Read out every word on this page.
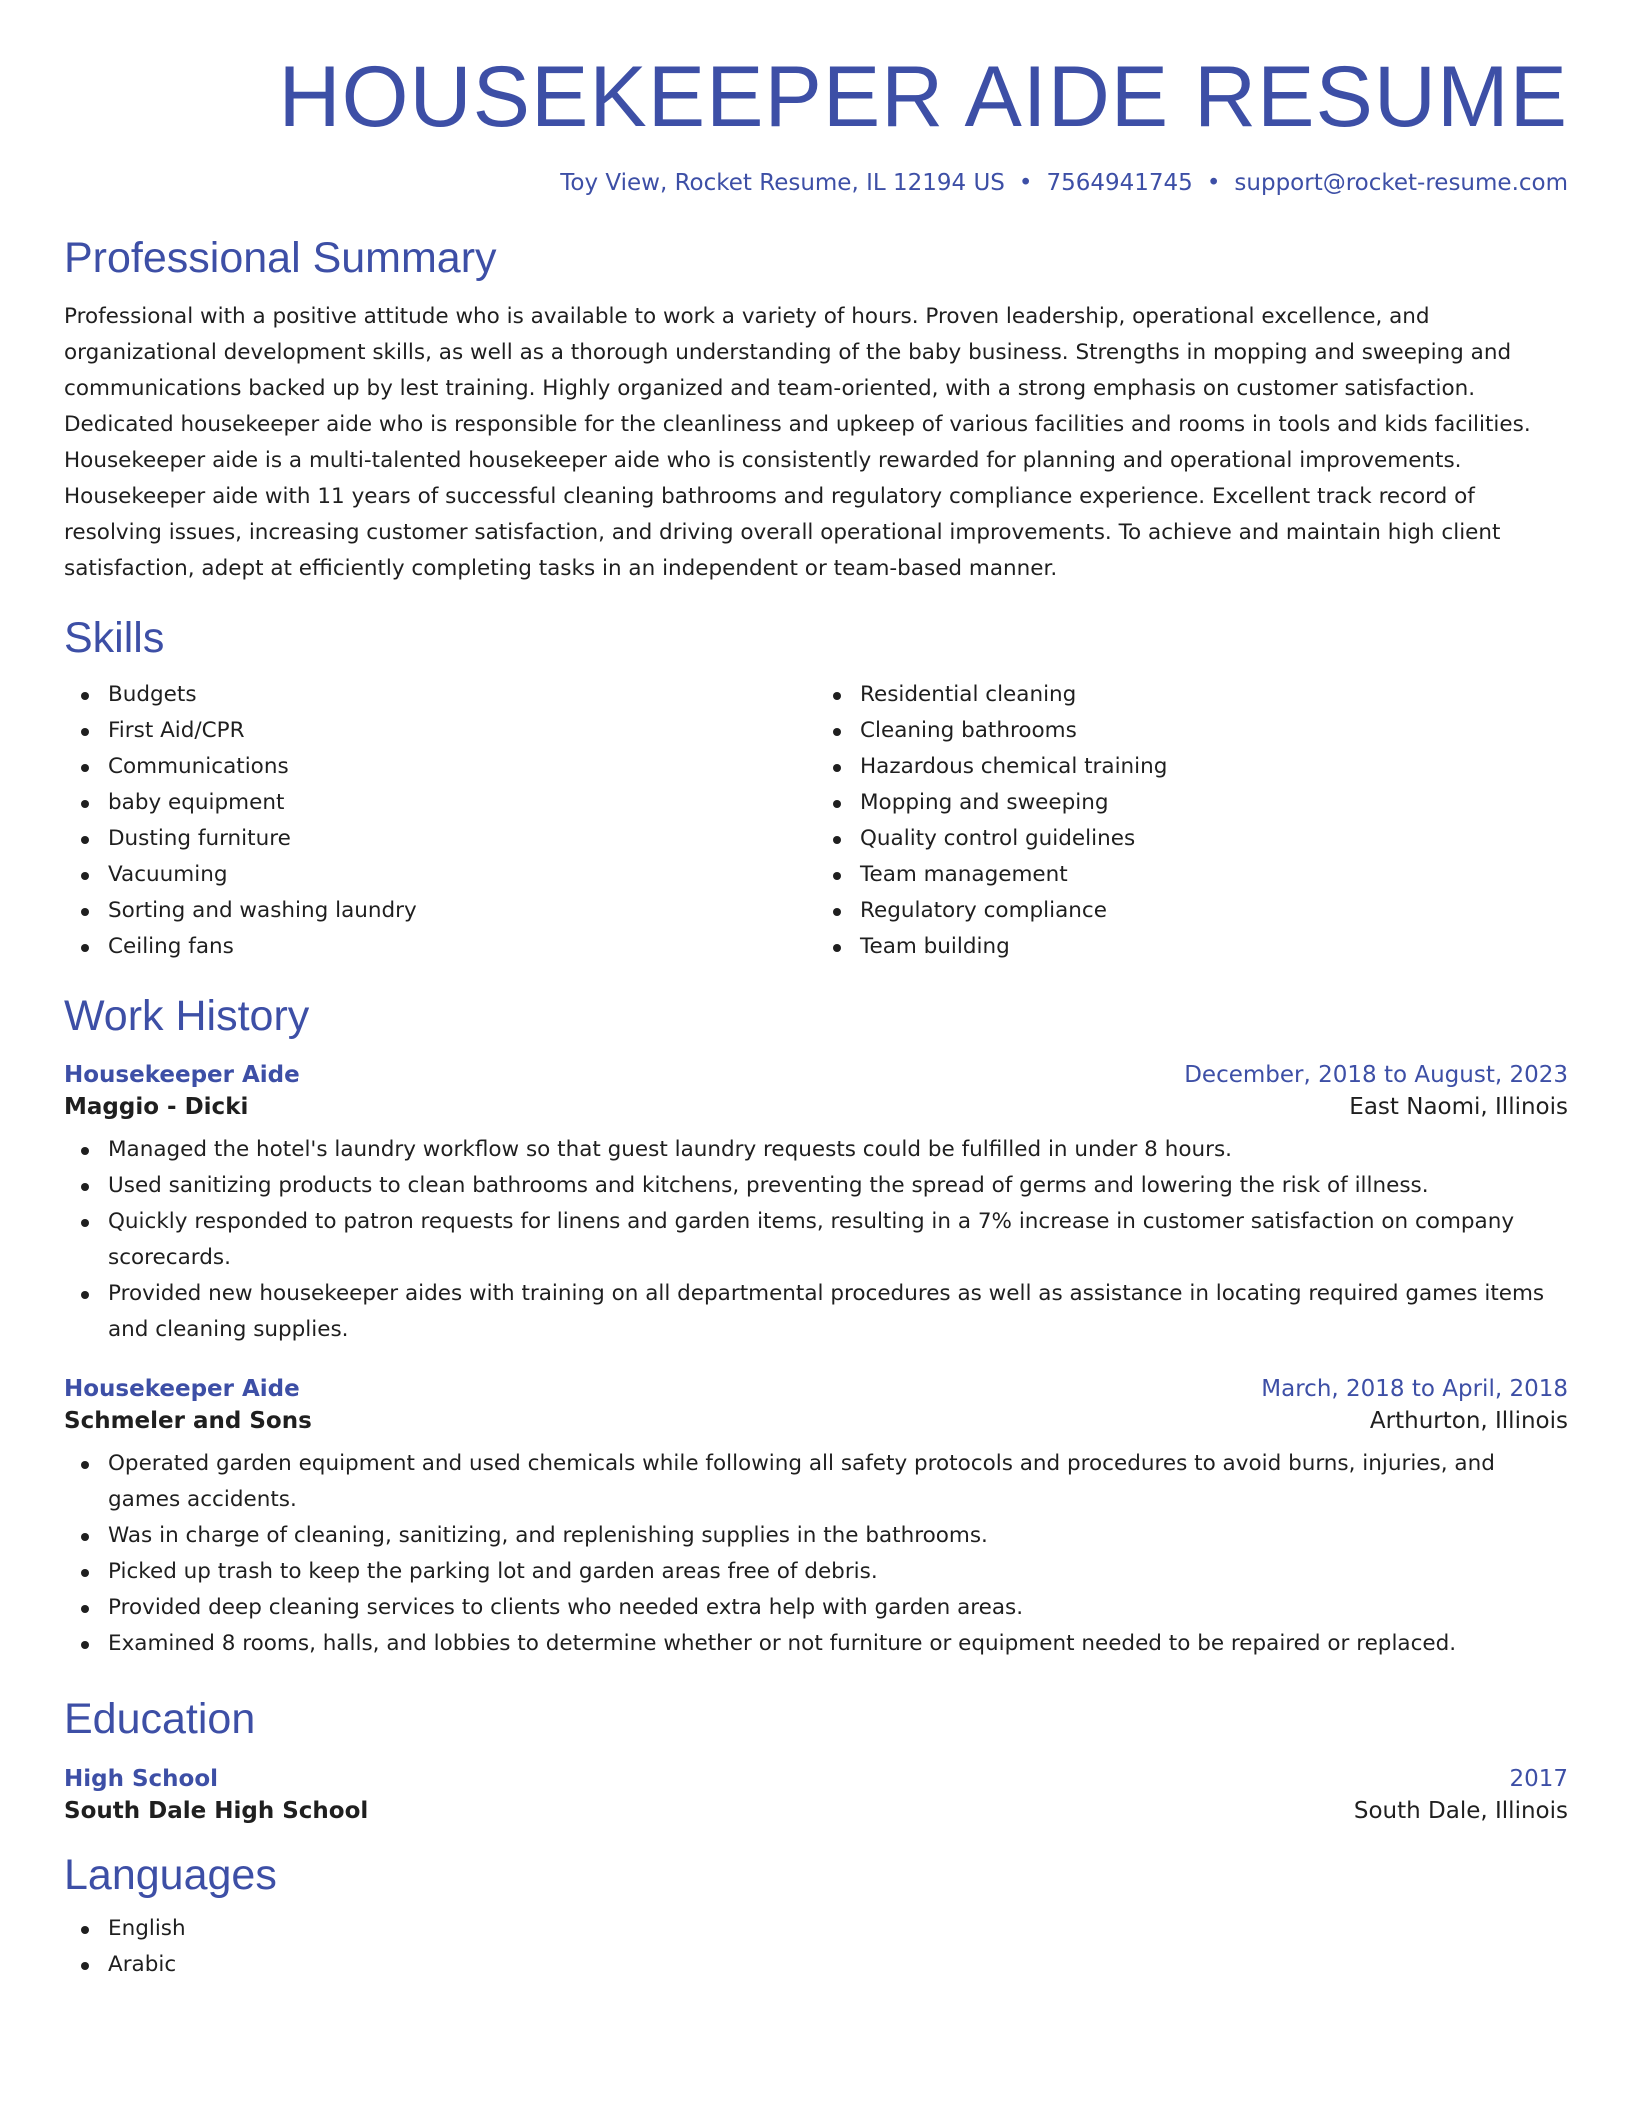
HOUSEKEEPER AIDE RESUME
Toy View, Rocket Resume, IL 12194 US • 7564941745 • support@rocket-resume.com
Professional Summary

Professional with a positive attitude who is available to work a variety of hours. Proven leadership, operational excellence, and organizational development skills, as well as a thorough understanding of the baby business. Strengths in mopping and sweeping and communications backed up by lest training. Highly organized and team-oriented, with a strong emphasis on customer satisfaction. Dedicated housekeeper aide who is responsible for the cleanliness and upkeep of various facilities and rooms in tools and kids facilities. Housekeeper aide is a multi-talented housekeeper aide who is consistently rewarded for planning and operational improvements. Housekeeper aide with 11 years of successful cleaning bathrooms and regulatory compliance experience. Excellent track record of resolving issues, increasing customer satisfaction, and driving overall operational improvements. To achieve and maintain high client satisfaction, adept at efficiently completing tasks in an independent or team-based manner.

Skills
Budgets
First Aid/CPR
Communications
baby equipment
Dusting furniture
Vacuuming
Sorting and washing laundry
Ceiling fans
Residential cleaning
Cleaning bathrooms
Hazardous chemical training
Mopping and sweeping
Quality control guidelines
Team management
Regulatory compliance
Team building
Work History
Housekeeper Aide	December, 2018 to August, 2023
Maggio - Dicki	East Naomi, Illinois
Managed the hotel's laundry workflow so that guest laundry requests could be fulfilled in under 8 hours.
Used sanitizing products to clean bathrooms and kitchens, preventing the spread of germs and lowering the risk of illness.
Quickly responded to patron requests for linens and garden items, resulting in a 7% increase in customer satisfaction on company scorecards.
Provided new housekeeper aides with training on all departmental procedures as well as assistance in locating required games items and cleaning supplies.
Housekeeper Aide	March, 2018 to April, 2018
Schmeler and Sons	Arthurton, Illinois
Operated garden equipment and used chemicals while following all safety protocols and procedures to avoid burns, injuries, and games accidents.
Was in charge of cleaning, sanitizing, and replenishing supplies in the bathrooms.
Picked up trash to keep the parking lot and garden areas free of debris.
Provided deep cleaning services to clients who needed extra help with garden areas.
Examined 8 rooms, halls, and lobbies to determine whether or not furniture or equipment needed to be repaired or replaced.
Education
High School	2017
South Dale High School	South Dale, Illinois
Languages
English
Arabic
